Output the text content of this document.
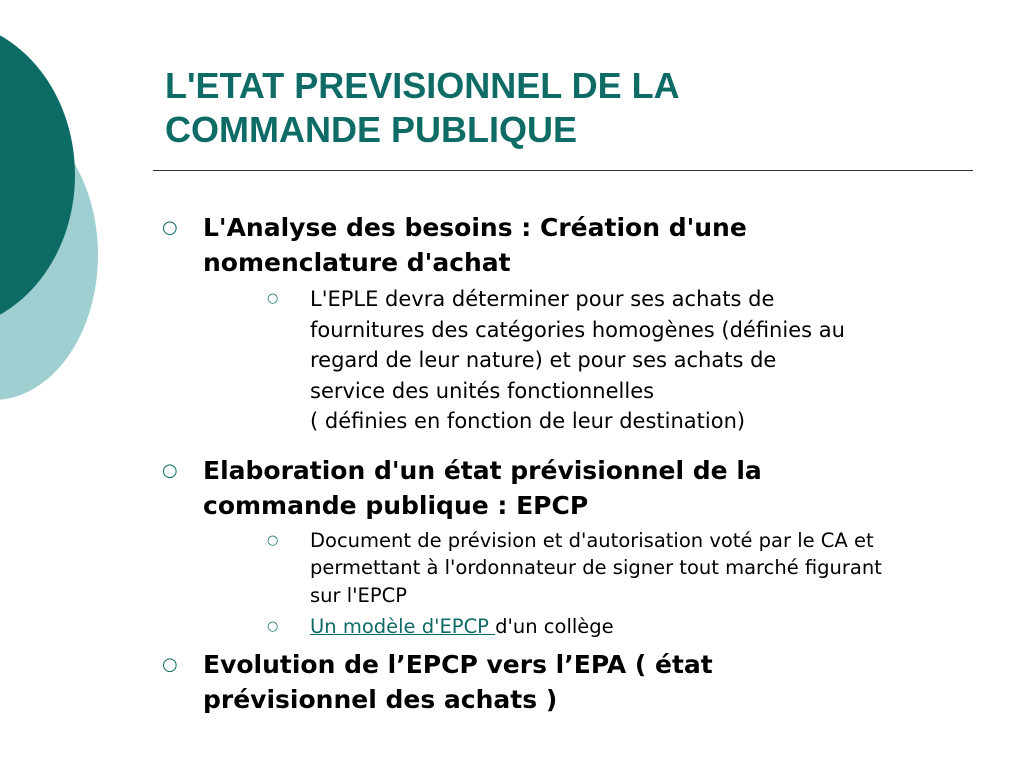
L'ETAT PREVISIONNEL DE LA
COMMANDE PUBLIQUE
○ L'Analyse des besoins : Création d'une
nomenclature d'achat
○ L'EPLE devra déterminer pour ses achats de
fournitures des catégories homogènes (définies au
regard de leur nature) et pour ses achats de
service des unités fonctionnelles
( définies en fonction de leur destination)
○ Elaboration d'un état prévisionnel de la
commande publique : EPCP
○ Document de prévision et d'autorisation voté par le CA et
permettant à l'ordonnateur de signer tout marché figurant
sur l'EPCP
○ Un modèle d'EPCP d'un collège
○ Evolution de l’EPCP vers l’EPA ( état
prévisionnel des achats )
